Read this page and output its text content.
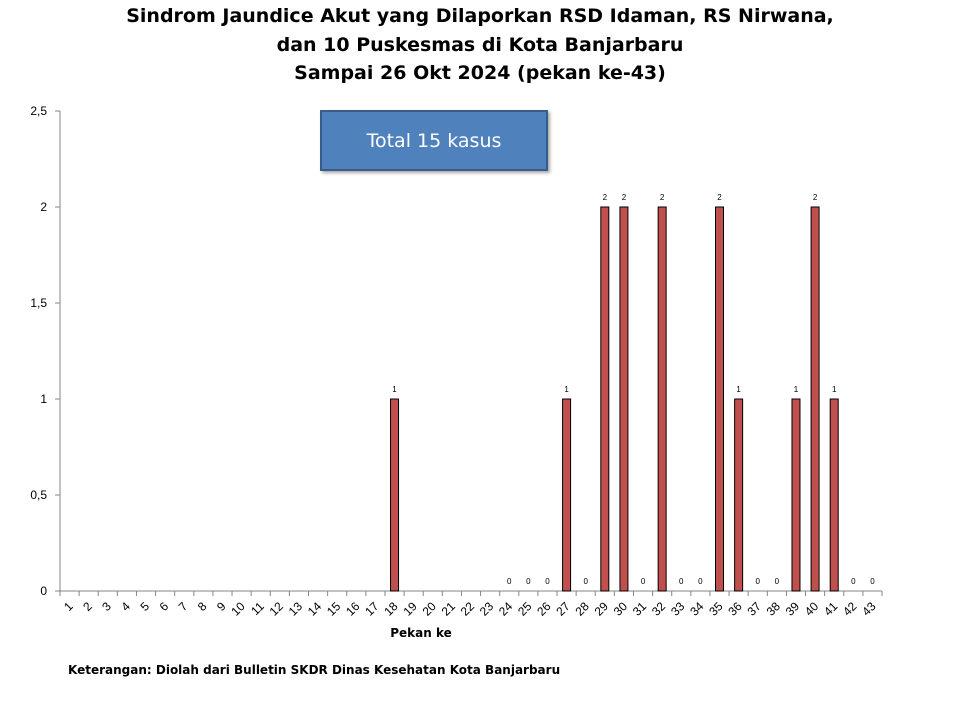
Sindrom Jaundice Akut yang Dilaporkan RSD Idaman, RS Nirwana,
dan 10 Puskesmas di Kota Banjarbaru
Sampai 26 Okt 2024 (pekan ke-43)
0
0,5
1
1,5
2
2,5
1 2 3 4 5 6 7 8 9 10 11 12 13 14 15 16 17 18 19 20 21 22 23 24 25 26 27 28 29 30 31 32 33 34 35 36 37 38 39 40 41 42 43
1
0 0 0
1
0
2 2
0
2
0 0
2
1
0 0
1
2
1
0 0
Pekan ke
Total 15 kasus
Keterangan: Diolah dari Bulletin SKDR Dinas Kesehatan Kota Banjarbaru
